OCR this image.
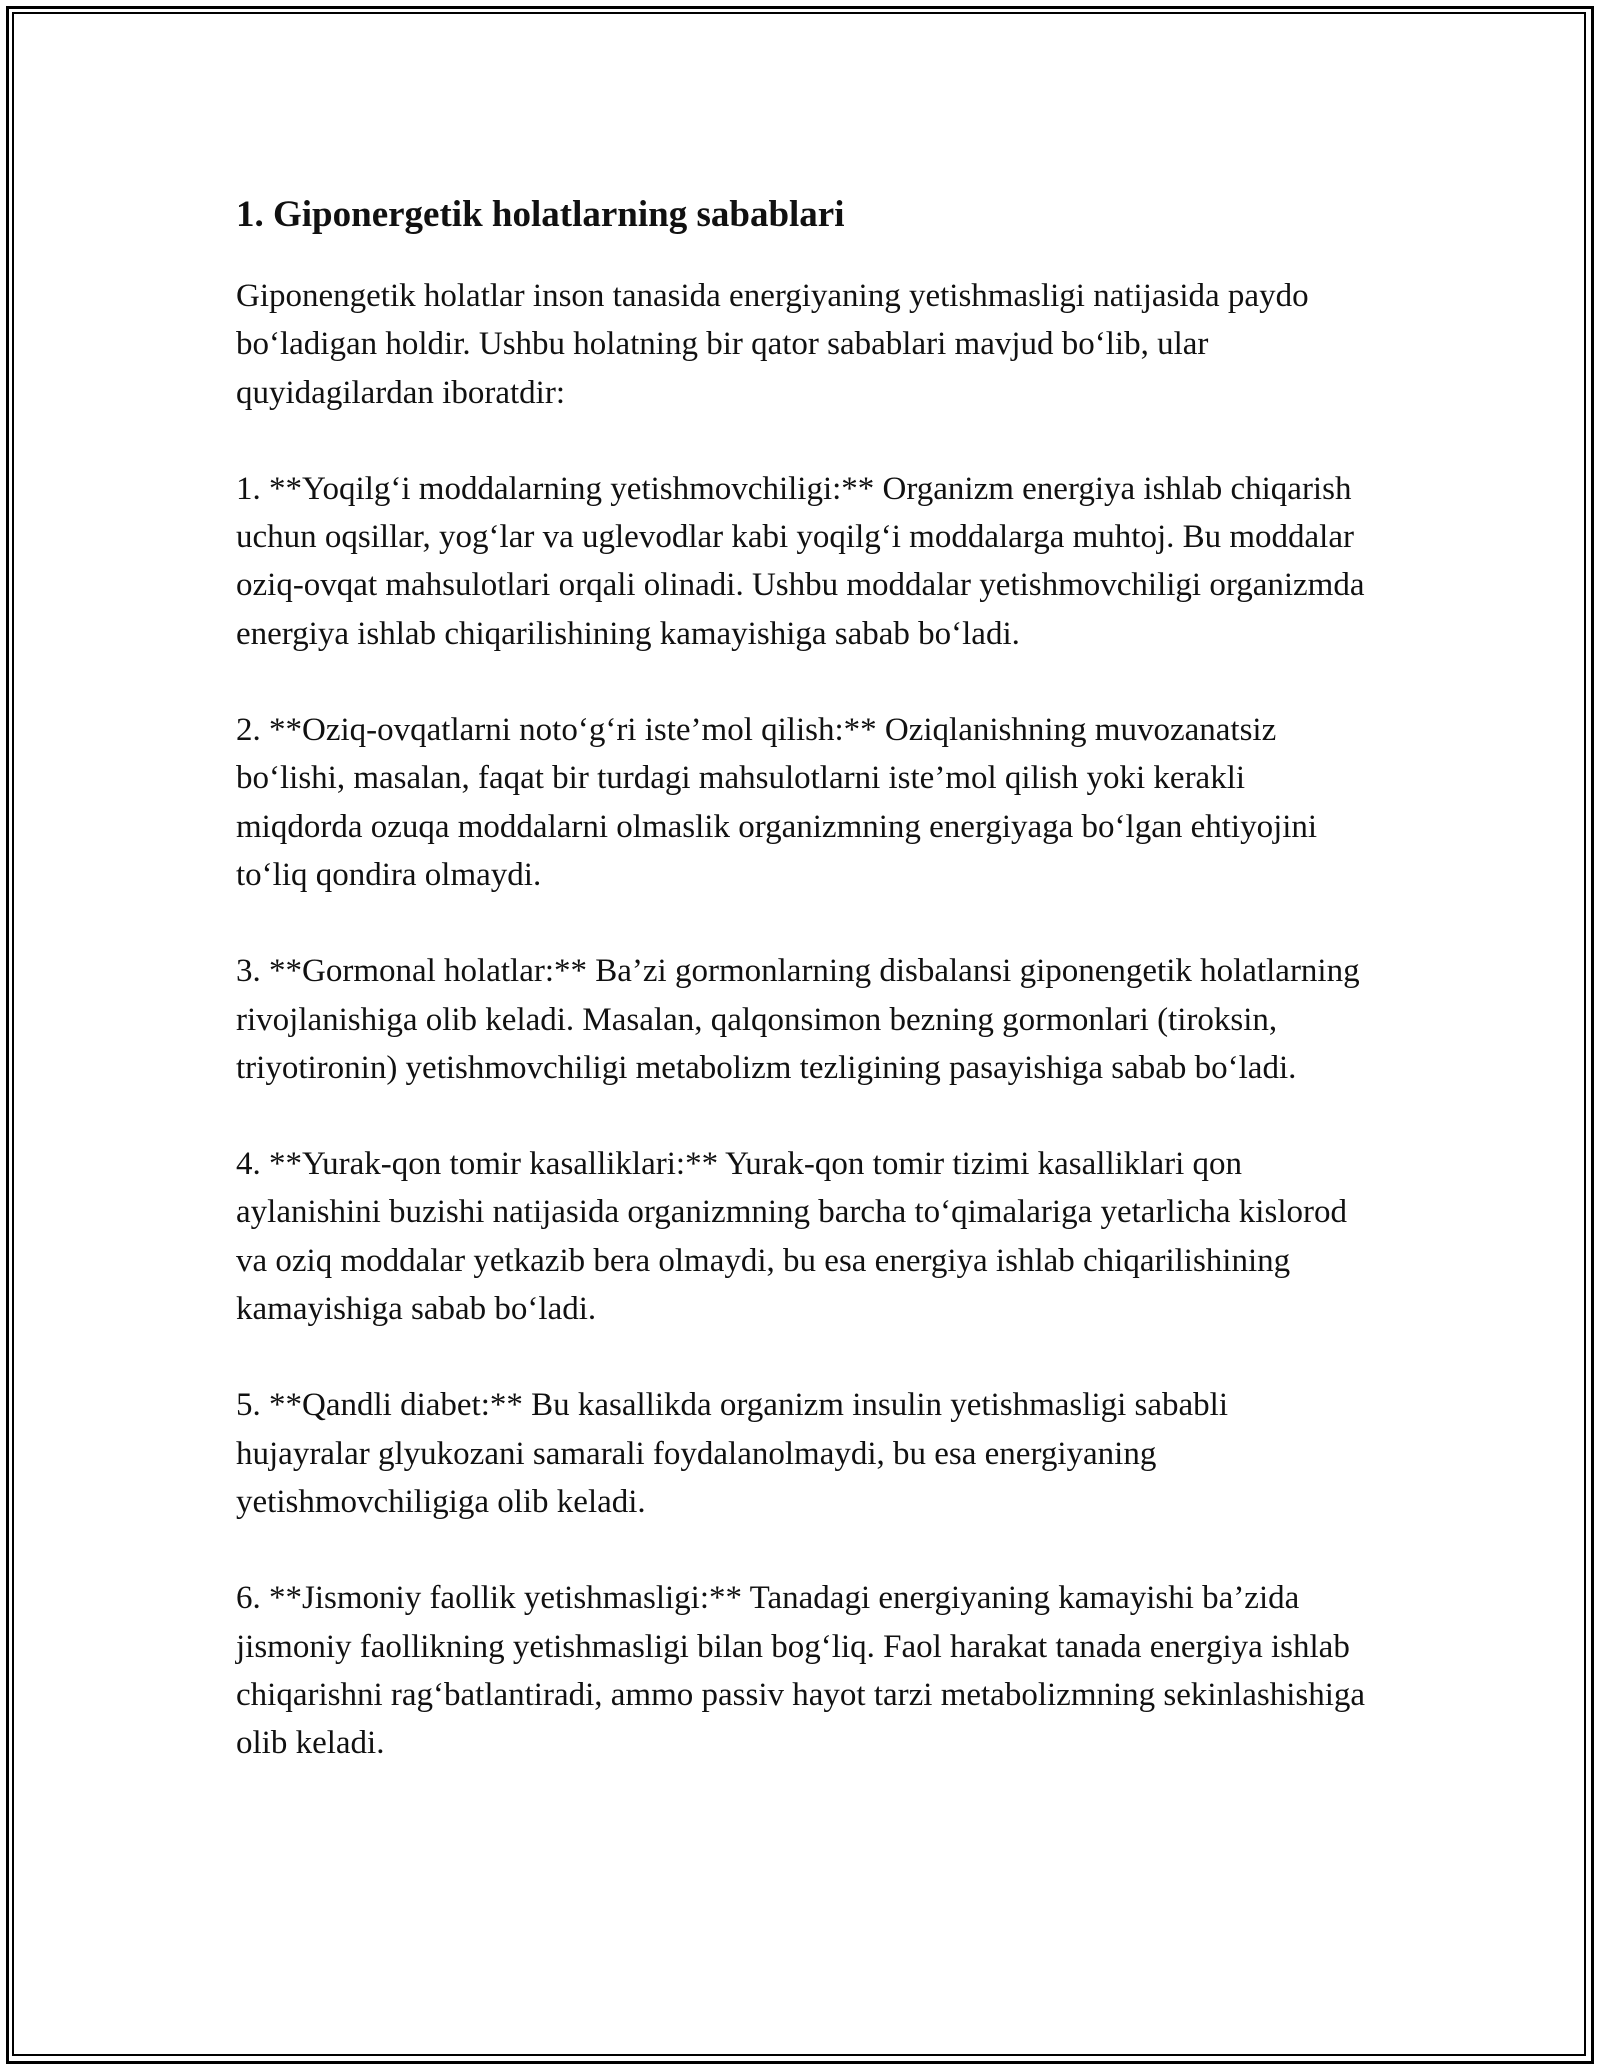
1. Giponergetik holatlarning sabablari

Giponengetik holatlar inson tanasida energiyaning yetishmasligi natijasida paydo bo‘ladigan holdir. Ushbu holatning bir qator sabablari mavjud bo‘lib, ular quyidagilardan iboratdir:

1. **Yoqilg‘i moddalarning yetishmovchiligi:** Organizm energiya ishlab chiqarish uchun oqsillar, yog‘lar va uglevodlar kabi yoqilg‘i moddalarga muhtoj. Bu moddalar oziq-ovqat mahsulotlari orqali olinadi. Ushbu moddalar yetishmovchiligi organizmda energiya ishlab chiqarilishining kamayishiga sabab bo‘ladi.

2. **Oziq-ovqatlarni noto‘g‘ri iste’mol qilish:** Oziqlanishning muvozanatsiz bo‘lishi, masalan, faqat bir turdagi mahsulotlarni iste’mol qilish yoki kerakli miqdorda ozuqa moddalarni olmaslik organizmning energiyaga bo‘lgan ehtiyojini to‘liq qondira olmaydi.

3. **Gormonal holatlar:** Ba’zi gormonlarning disbalansi giponengetik holatlarning rivojlanishiga olib keladi. Masalan, qalqonsimon bezning gormonlari (tiroksin, triyotironin) yetishmovchiligi metabolizm tezligining pasayishiga sabab bo‘ladi.

4. **Yurak-qon tomir kasalliklari:** Yurak-qon tomir tizimi kasalliklari qon aylanishini buzishi natijasida organizmning barcha to‘qimalariga yetarlicha kislorod va oziq moddalar yetkazib bera olmaydi, bu esa energiya ishlab chiqarilishining kamayishiga sabab bo‘ladi.

5. **Qandli diabet:** Bu kasallikda organizm insulin yetishmasligi sababli hujayralar glyukozani samarali foydalanolmaydi, bu esa energiyaning yetishmovchiligiga olib keladi.

6. **Jismoniy faollik yetishmasligi:** Tanadagi energiyaning kamayishi ba’zida jismoniy faollikning yetishmasligi bilan bog‘liq. Faol harakat tanada energiya ishlab chiqarishni rag‘batlantiradi, ammo passiv hayot tarzi metabolizmning sekinlashishiga olib keladi.
